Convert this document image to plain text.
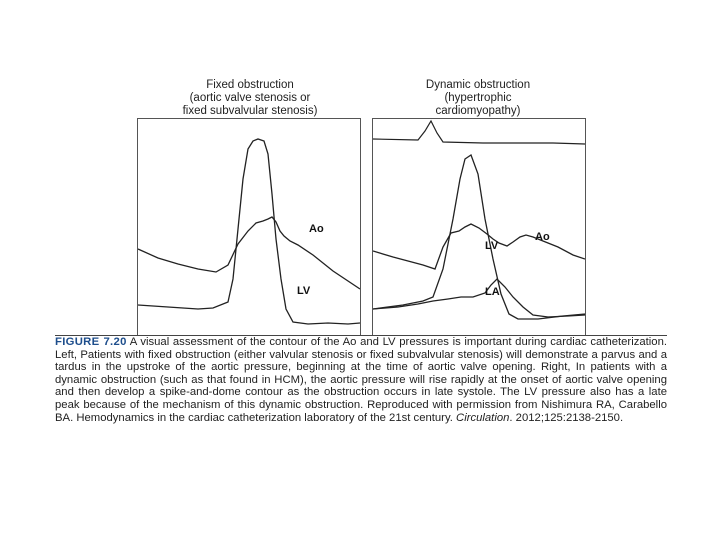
Fixed obstruction
(aortic valve stenosis or
fixed subvalvular stenosis)
Dynamic obstruction
(hypertrophic
cardiomyopathy)
Ao
LV
Ao
LV
LA
FIGURE 7.20 A visual assessment of the contour of the Ao and LV pressures is important during cardiac catheterization. Left, Patients with fixed obstruction (either valvular stenosis or fixed subvalvular stenosis) will demonstrate a parvus and a tardus in the upstroke of the aortic pressure, beginning at the time of aortic valve opening. Right, In patients with a dynamic obstruction (such as that found in HCM), the aortic pressure will rise rapidly at the onset of aortic valve opening and then develop a spike-and-dome contour as the obstruction occurs in late systole. The LV pressure also has a late peak because of the mechanism of this dynamic obstruction. Reproduced with permission from Nishimura RA, Carabello BA. Hemodynamics in the cardiac catheterization laboratory of the 21st century. Circulation. 2012;125:2138-2150.
